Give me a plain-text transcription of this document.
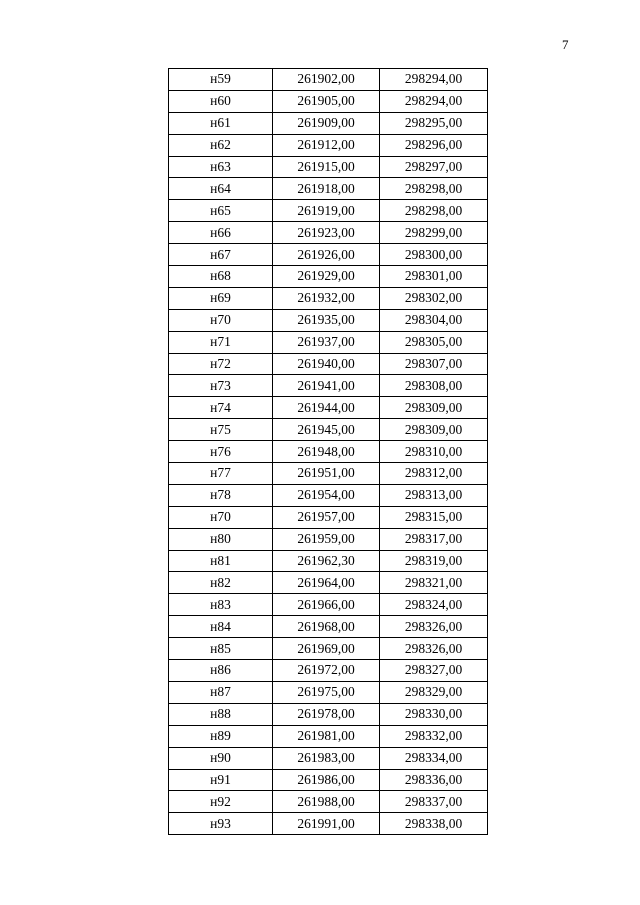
7
н59	261902,00	298294,00
н60	261905,00	298294,00
н61	261909,00	298295,00
н62	261912,00	298296,00
н63	261915,00	298297,00
н64	261918,00	298298,00
н65	261919,00	298298,00
н66	261923,00	298299,00
н67	261926,00	298300,00
н68	261929,00	298301,00
н69	261932,00	298302,00
н70	261935,00	298304,00
н71	261937,00	298305,00
н72	261940,00	298307,00
н73	261941,00	298308,00
н74	261944,00	298309,00
н75	261945,00	298309,00
н76	261948,00	298310,00
н77	261951,00	298312,00
н78	261954,00	298313,00
н70	261957,00	298315,00
н80	261959,00	298317,00
н81	261962,30	298319,00
н82	261964,00	298321,00
н83	261966,00	298324,00
н84	261968,00	298326,00
н85	261969,00	298326,00
н86	261972,00	298327,00
н87	261975,00	298329,00
н88	261978,00	298330,00
н89	261981,00	298332,00
н90	261983,00	298334,00
н91	261986,00	298336,00
н92	261988,00	298337,00
н93	261991,00	298338,00
